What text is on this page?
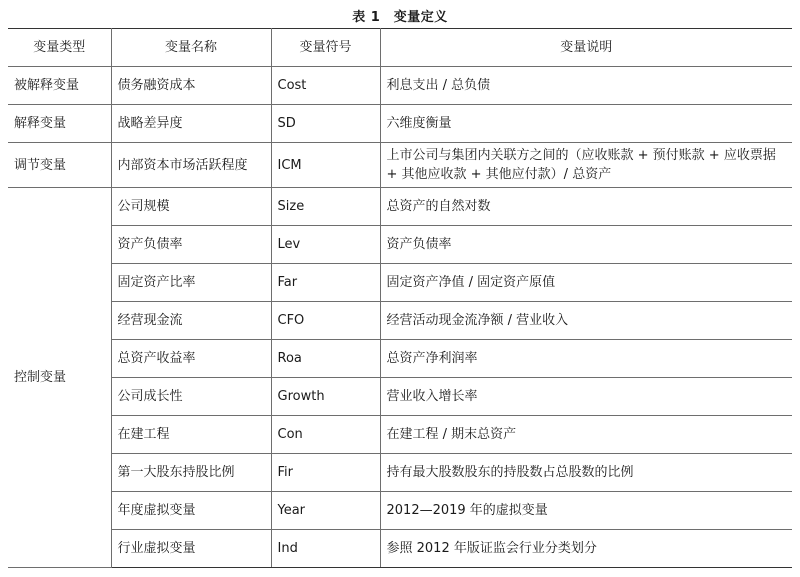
表 1　变量定义
变量类型	变量名称	变量符号	变量说明
被解释变量	债务融资成本	Cost	利息支出 / 总负债
解释变量	战略差异度	SD	六维度衡量
调节变量	内部资本市场活跃程度	ICM	上市公司与集团内关联方之间的（应收账款 + 预付账款 + 应收票据 + 其他应收款 + 其他应付款）/ 总资产
控制变量	公司规模	Size	总资产的自然对数
	资产负债率	Lev	资产负债率
	固定资产比率	Far	固定资产净值 / 固定资产原值
	经营现金流	CFO	经营活动现金流净额 / 营业收入
	总资产收益率	Roa	总资产净利润率
	公司成长性	Growth	营业收入增长率
	在建工程	Con	在建工程 / 期末总资产
	第一大股东持股比例	Fir	持有最大股数股东的持股数占总股数的比例
	年度虚拟变量	Year	2012—2019 年的虚拟变量
	行业虚拟变量	Ind	参照 2012 年版证监会行业分类划分
